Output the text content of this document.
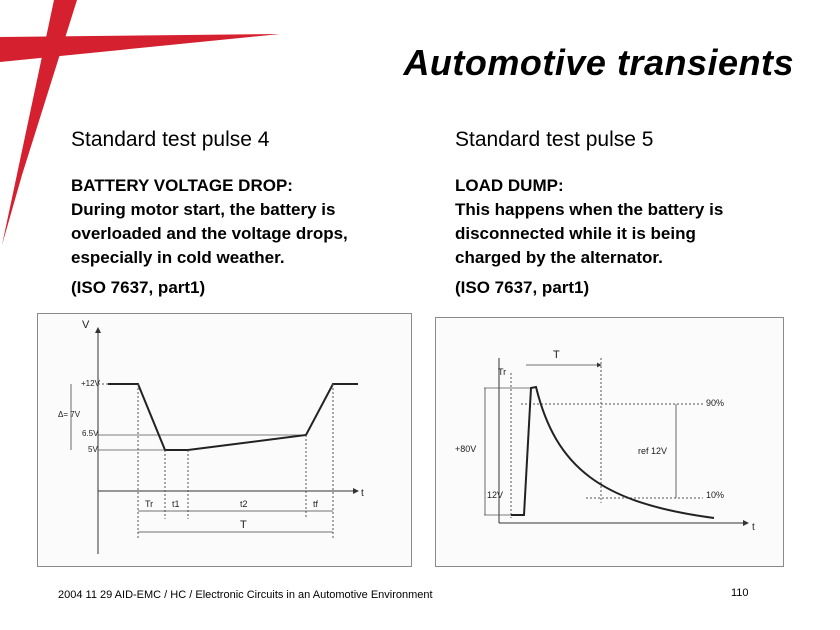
Automotive transients
Standard test pulse 4
BATTERY VOLTAGE DROP:
During motor start, the battery is
overloaded and the voltage drops,
especially in cold weather.
(ISO 7637, part1)
Standard test pulse 5
LOAD DUMP:
This happens when the battery is
disconnected while it is being
charged by the alternator.
(ISO 7637, part1)
V
+12V
Δ= 7V
6.5V
5V
t
Tr t1	t2	tf
T
T
Tr
90%
+80V	ref 12V
12V	10%
t
2004 11 29 AID-EMC / HC / Electronic Circuits in an Automotive Environment	110
